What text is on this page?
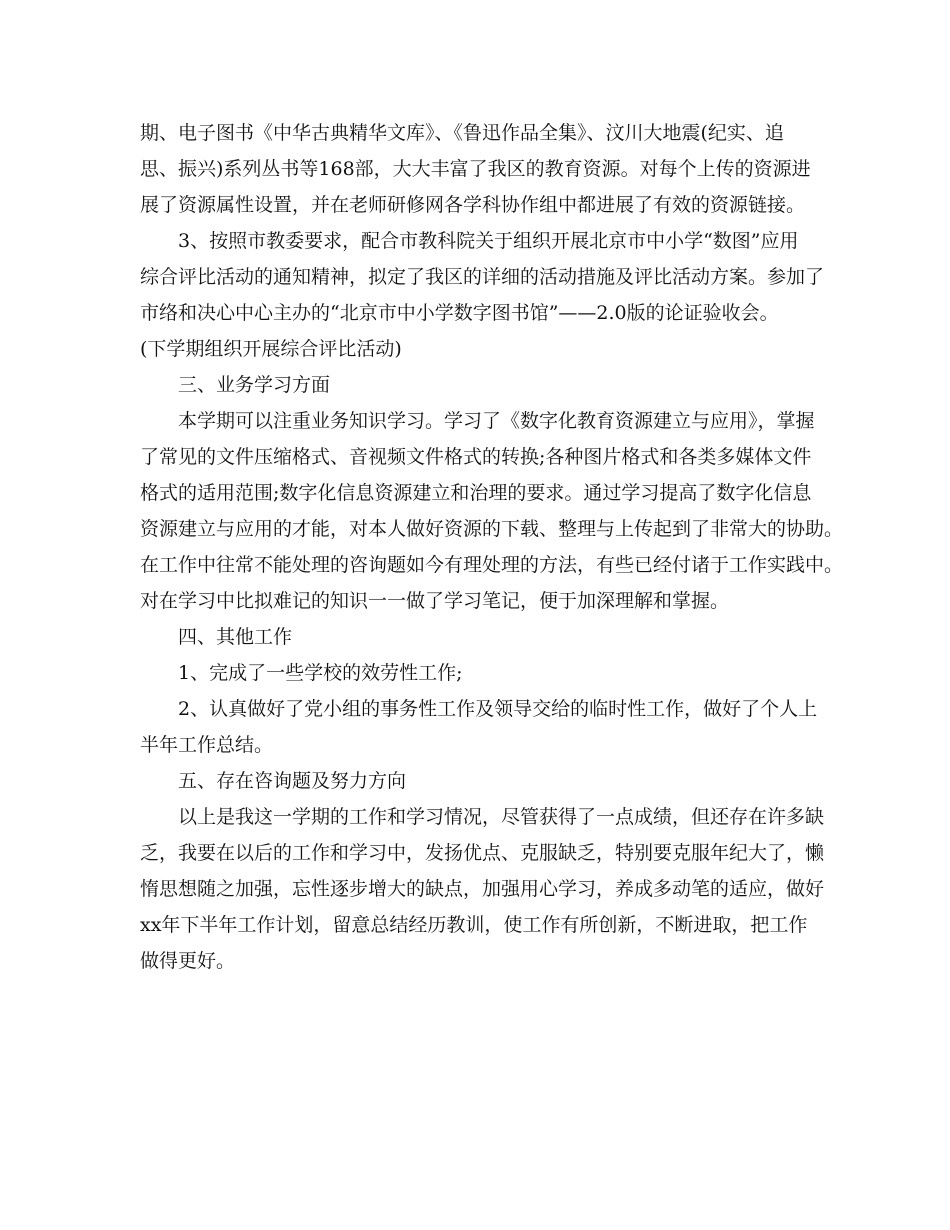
期、电子图书《中华古典精华文库》、《鲁迅作品全集》、汶川大地震(纪实、追

思、振兴)系列丛书等168部，大大丰富了我区的教育资源。对每个上传的资源进

展了资源属性设置，并在老师研修网各学科协作组中都进展了有效的资源链接。

3、按照市教委要求，配合市教科院关于组织开展北京市中小学“数图”应用

综合评比活动的通知精神，拟定了我区的详细的活动措施及评比活动方案。参加了

市络和决心中心主办的“北京市中小学数字图书馆”——2.0版的论证验收会。

(下学期组织开展综合评比活动)

三、业务学习方面

本学期可以注重业务知识学习。学习了《数字化教育资源建立与应用》，掌握

了常见的文件压缩格式、音视频文件格式的转换;各种图片格式和各类多媒体文件

格式的适用范围;数字化信息资源建立和治理的要求。通过学习提高了数字化信息

资源建立与应用的才能，对本人做好资源的下载、整理与上传起到了非常大的协助。

在工作中往常不能处理的咨询题如今有理处理的方法，有些已经付诸于工作实践中。

对在学习中比拟难记的知识一一做了学习笔记，便于加深理解和掌握。

四、其他工作

1、完成了一些学校的效劳性工作;

2、认真做好了党小组的事务性工作及领导交给的临时性工作，做好了个人上

半年工作总结。

五、存在咨询题及努力方向

以上是我这一学期的工作和学习情况，尽管获得了一点成绩，但还存在许多缺

乏，我要在以后的工作和学习中，发扬优点、克服缺乏，特别要克服年纪大了，懒

惰思想随之加强，忘性逐步增大的缺点，加强用心学习，养成多动笔的适应，做好

xx年下半年工作计划，留意总结经历教训，使工作有所创新，不断进取，把工作

做得更好。
